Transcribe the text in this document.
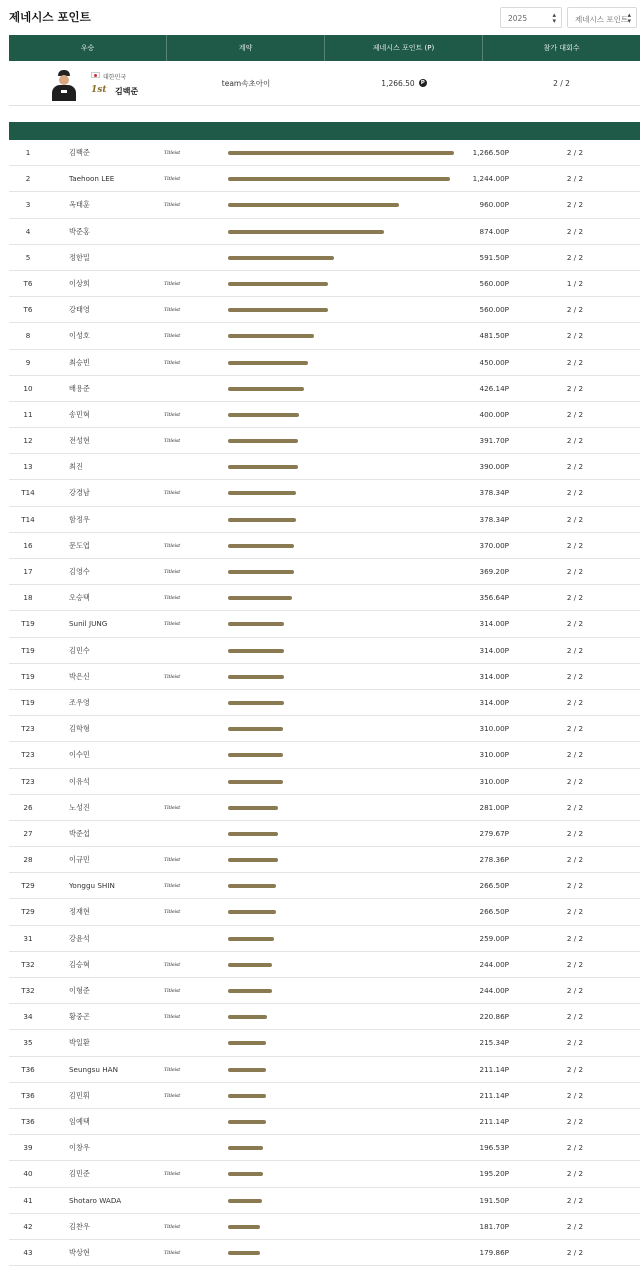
제네시스 포인트	2025	▴
▾	제네시스 포인트 ▴
▾
우승	계약	제네시스 포인트 (P)	참가 대회수
대한민국
1st 김백준
team속초아이	1,266.50	P	2 / 2
1	김백준	Titleist	1,266.50P	2 / 2
2	Taehoon LEE	Titleist	1,244.00P	2 / 2
3	옥태훈	Titleist	960.00P	2 / 2
4	박준홍	874.00P	2 / 2
5	정한밀	591.50P	2 / 2
T6	이상희	Titleist	560.00P	1 / 2
T6	강태영	Titleist	560.00P	2 / 2
8	이성호	Titleist	481.50P	2 / 2
9	최승빈	Titleist	450.00P	2 / 2
10	배용준	426.14P	2 / 2
11	송민혁	Titleist	400.00P	2 / 2
12	전성현	Titleist	391.70P	2 / 2
13	최진	390.00P	2 / 2
T14	강경남	Titleist	378.34P	2 / 2
T14	함정우	378.34P	2 / 2
16	문도엽	Titleist	370.00P	2 / 2
17	김영수	Titleist	369.20P	2 / 2
18	오승택	Titleist	356.64P	2 / 2
T19	Sunil JUNG	Titleist	314.00P	2 / 2
T19	김민수	314.00P	2 / 2
T19	박은신	Titleist	314.00P	2 / 2
T19	조우영	314.00P	2 / 2
T23	김학형	310.00P	2 / 2
T23	이수민	310.00P	2 / 2
T23	이유석	310.00P	2 / 2
26	노성진	Titleist	281.00P	2 / 2
27	박준섭	279.67P	2 / 2
28	이규민	Titleist	278.36P	2 / 2
T29	Yonggu SHIN	Titleist	266.50P	2 / 2
T29	정재현	Titleist	266.50P	2 / 2
31	강윤석	259.00P	2 / 2
T32	김승혁	Titleist	244.00P	2 / 2
T32	이형준	Titleist	244.00P	2 / 2
34	황중곤	Titleist	220.86P	2 / 2
35	박일환	215.34P	2 / 2
T36	Seungsu HAN	Titleist	211.14P	2 / 2
T36	김민휘	Titleist	211.14P	2 / 2
T36	임예택	211.14P	2 / 2
39	이창우	196.53P	2 / 2
40	김민준	Titleist	195.20P	2 / 2
41	Shotaro WADA	191.50P	2 / 2
42	김찬우	Titleist	181.70P	2 / 2
43	박상현	Titleist	179.86P	2 / 2
